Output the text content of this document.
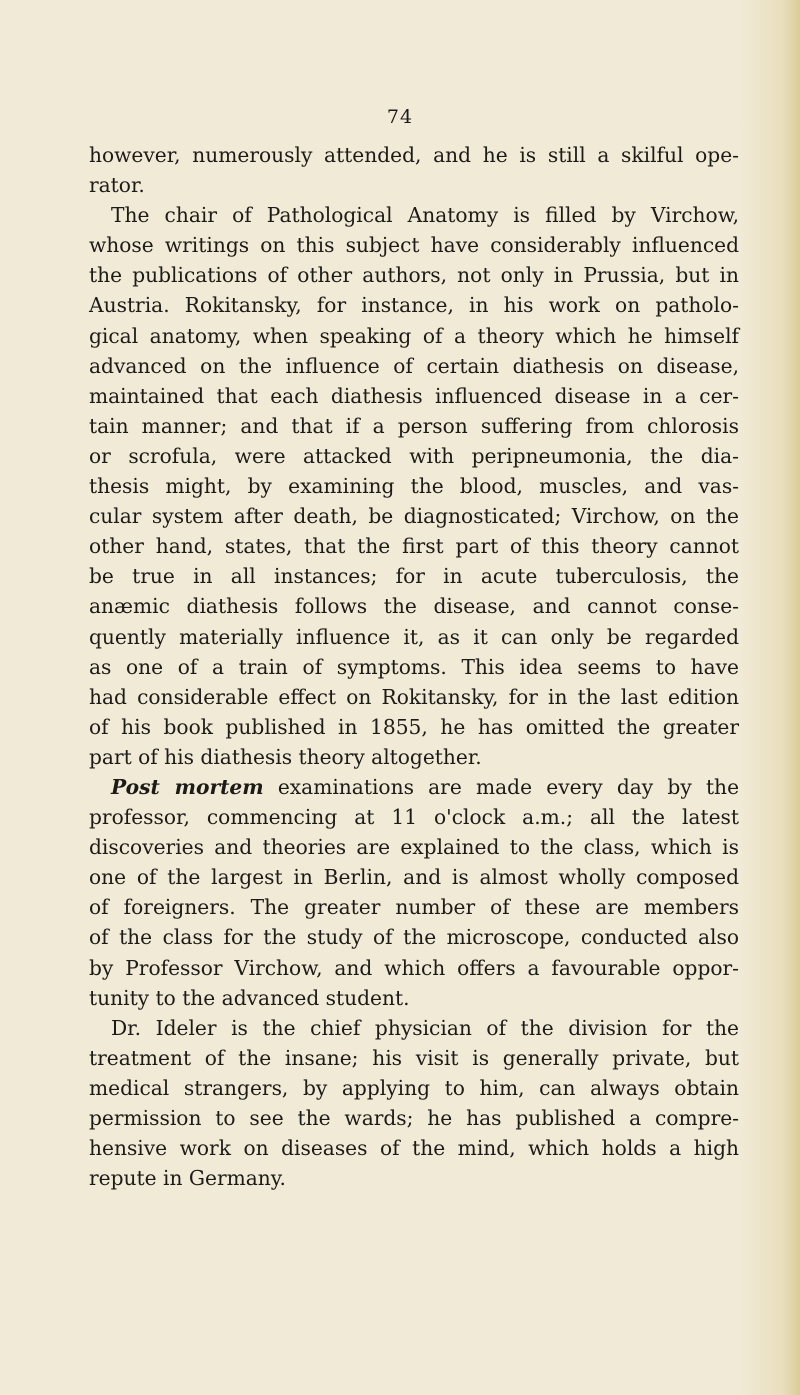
74
however, numerously attended, and he is still a skilful ope-
rator.
The chair of Pathological Anatomy is filled by Virchow,
whose writings on this subject have considerably influenced
the publications of other authors, not only in Prussia, but in
Austria. Rokitansky, for instance, in his work on patholo-
gical anatomy, when speaking of a theory which he himself
advanced on the influence of certain diathesis on disease,
maintained that each diathesis influenced disease in a cer-
tain manner; and that if a person suffering from chlorosis
or scrofula, were attacked with peripneumonia, the dia-
thesis might, by examining the blood, muscles, and vas-
cular system after death, be diagnosticated; Virchow, on the
other hand, states, that the first part of this theory cannot
be true in all instances; for in acute tuberculosis, the
anæmic diathesis follows the disease, and cannot conse-
quently materially influence it, as it can only be regarded
as one of a train of symptoms. This idea seems to have
had considerable effect on Rokitansky, for in the last edition
of his book published in 1855, he has omitted the greater
part of his diathesis theory altogether.
Post mortem examinations are made every day by the
professor, commencing at 11 o'clock a.m.; all the latest
discoveries and theories are explained to the class, which is
one of the largest in Berlin, and is almost wholly composed
of foreigners. The greater number of these are members
of the class for the study of the microscope, conducted also
by Professor Virchow, and which offers a favourable oppor-
tunity to the advanced student.
Dr. Ideler is the chief physician of the division for the
treatment of the insane; his visit is generally private, but
medical strangers, by applying to him, can always obtain
permission to see the wards; he has published a compre-
hensive work on diseases of the mind, which holds a high
repute in Germany.
